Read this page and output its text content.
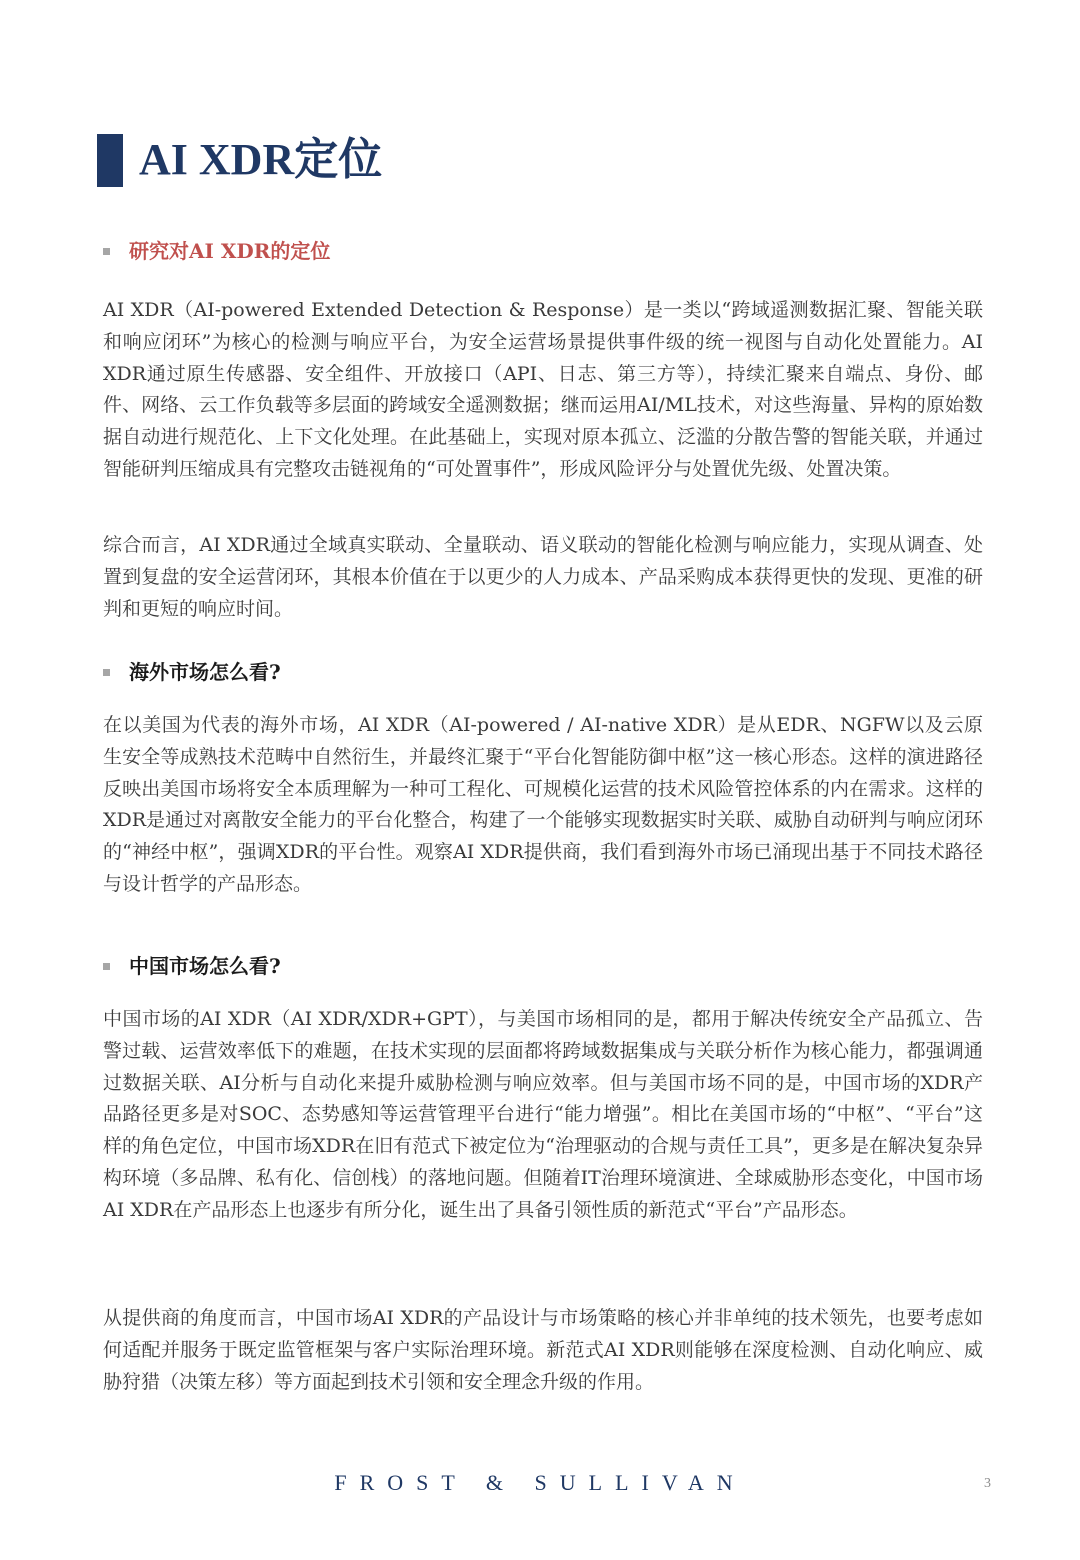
AI XDR定位
研究对AI XDR的定位

AI XDR（AI-powered Extended Detection & Response）是一类以“跨域遥测数据汇聚、智能关联和响应闭环”为核心的检测与响应平台，为安全运营场景提供事件级的统一视图与自动化处置能力。AI XDR通过原生传感器、安全组件、开放接口（API、日志、第三方等），持续汇聚来自端点、身份、邮件、网络、云工作负载等多层面的跨域安全遥测数据；继而运用AI/ML技术，对这些海量、异构的原始数据自动进行规范化、上下文化处理。在此基础上，实现对原本孤立、泛滥的分散告警的智能关联，并通过智能研判压缩成具有完整攻击链视角的“可处置事件”，形成风险评分与处置优先级、处置决策。

综合而言，AI XDR通过全域真实联动、全量联动、语义联动的智能化检测与响应能力，实现从调查、处置到复盘的安全运营闭环，其根本价值在于以更少的人力成本、产品采购成本获得更快的发现、更准的研判和更短的响应时间。

海外市场怎么看?

在以美国为代表的海外市场，AI XDR（AI-powered / AI-native XDR）是从EDR、NGFW以及云原生安全等成熟技术范畴中自然衍生，并最终汇聚于“平台化智能防御中枢”这一核心形态。这样的演进路径反映出美国市场将安全本质理解为一种可工程化、可规模化运营的技术风险管控体系的内在需求。这样的XDR是通过对离散安全能力的平台化整合，构建了一个能够实现数据实时关联、威胁自动研判与响应闭环的“神经中枢”，强调XDR的平台性。观察AI XDR提供商，我们看到海外市场已涌现出基于不同技术路径与设计哲学的产品形态。

中国市场怎么看?

中国市场的AI XDR（AI XDR/XDR+GPT），与美国市场相同的是，都用于解决传统安全产品孤立、告警过载、运营效率低下的难题，在技术实现的层面都将跨域数据集成与关联分析作为核心能力，都强调通过数据关联、AI分析与自动化来提升威胁检测与响应效率。但与美国市场不同的是，中国市场的XDR产品路径更多是对SOC、态势感知等运营管理平台进行“能力增强”。相比在美国市场的“中枢”、“平台”这样的角色定位，中国市场XDR在旧有范式下被定位为“治理驱动的合规与责任工具”，更多是在解决复杂异构环境（多品牌、私有化、信创栈）的落地问题。但随着IT治理环境演进、全球威胁形态变化，中国市场AI XDR在产品形态上也逐步有所分化，诞生出了具备引领性质的新范式“平台”产品形态。

从提供商的角度而言，中国市场AI XDR的产品设计与市场策略的核心并非单纯的技术领先，也要考虑如何适配并服务于既定监管框架与客户实际治理环境。新范式AI XDR则能够在深度检测、自动化响应、威胁狩猎（决策左移）等方面起到技术引领和安全理念升级的作用。

FROST & SULLIVAN	3
